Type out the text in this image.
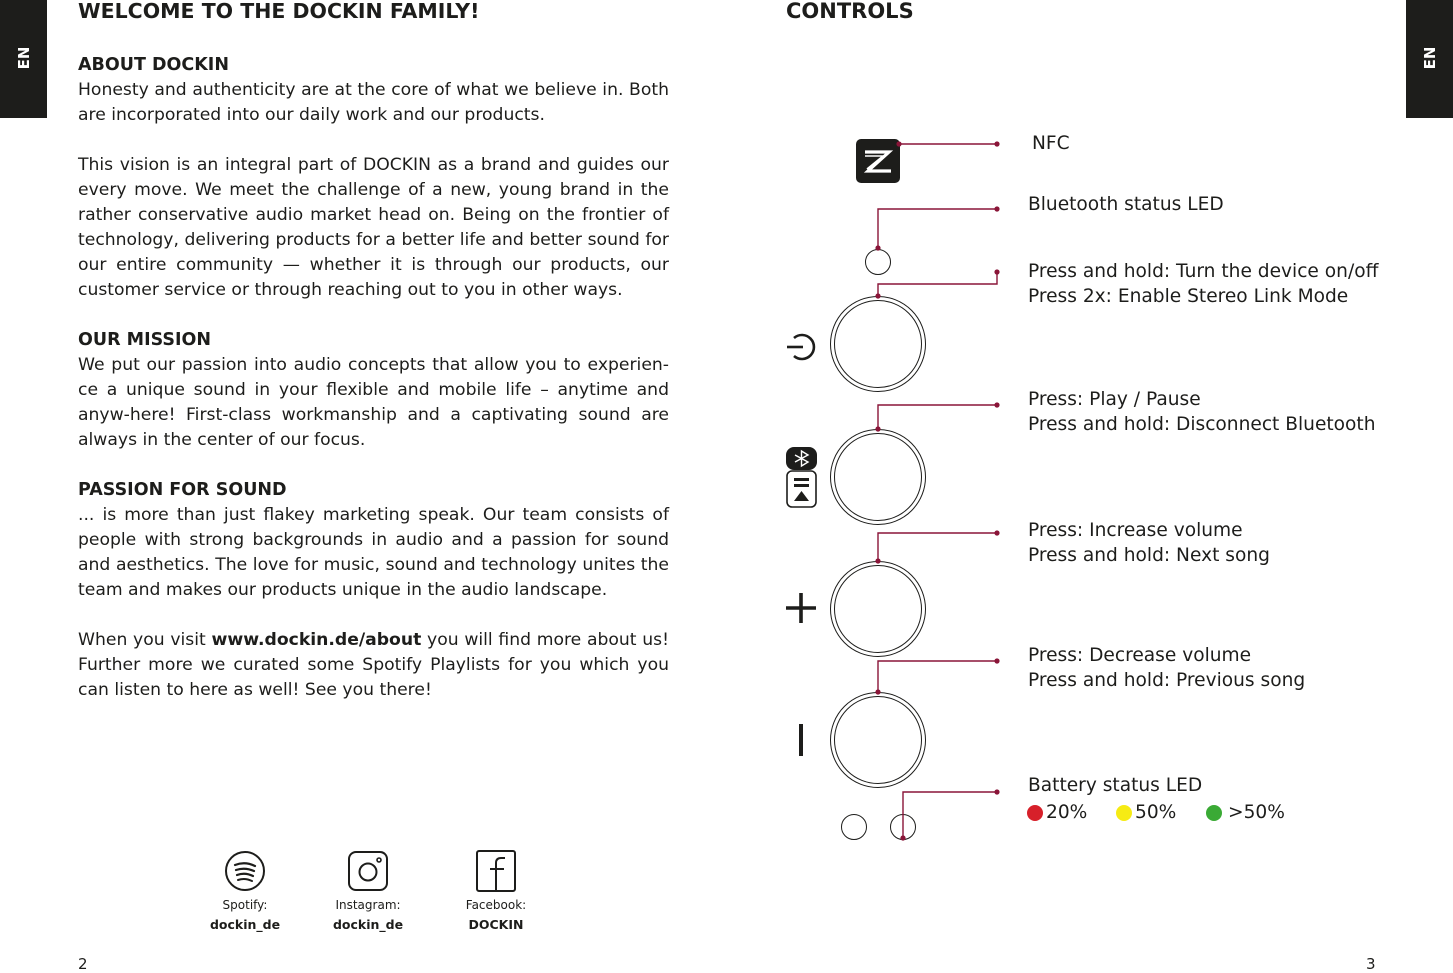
EN
WELCOME TO THE DOCKIN FAMILY!

ABOUT DOCKIN
Honesty and authenticity are at the core of what we believe in. Both are incorporated into our daily work and our products.

This vision is an integral part of DOCKIN as a brand and guides our every move. We meet the challenge of a new, young brand in the rather conservative audio market head on. Being on the frontier of technology, delivering products for a better life and better sound for our entire community — whether it is through our products, our customer service or through reaching out to you in other ways.

OUR MISSION
We put our passion into audio concepts that allow you to experien-ce a unique sound in your flexible and mobile life – anytime and anyw-here! First-class workmanship and a captivating sound are always in the center of our focus.

PASSION FOR SOUND
... is more than just flakey marketing speak. Our team consists of people with strong backgrounds in audio and a passion for sound and aesthetics. The love for music, sound and technology unites the team and makes our products unique in the audio landscape.

When you visit www.dockin.de/about you will find more about us! Further more we curated some Spotify Playlists for you which you can listen to here as well! See you there!

Spotify:
dockin_de
Instagram:
dockin_de
Facebook:
DOCKIN
2
EN
CONTROLS
NFC
Bluetooth status LED
Press and hold: Turn the device on/off
Press 2x: Enable Stereo Link Mode
Press: Play / Pause
Press and hold: Disconnect Bluetooth
Press: Increase volume
Press and hold: Next song
Press: Decrease volume
Press and hold: Previous song
Battery status LED
20%	50%	>50%
3
